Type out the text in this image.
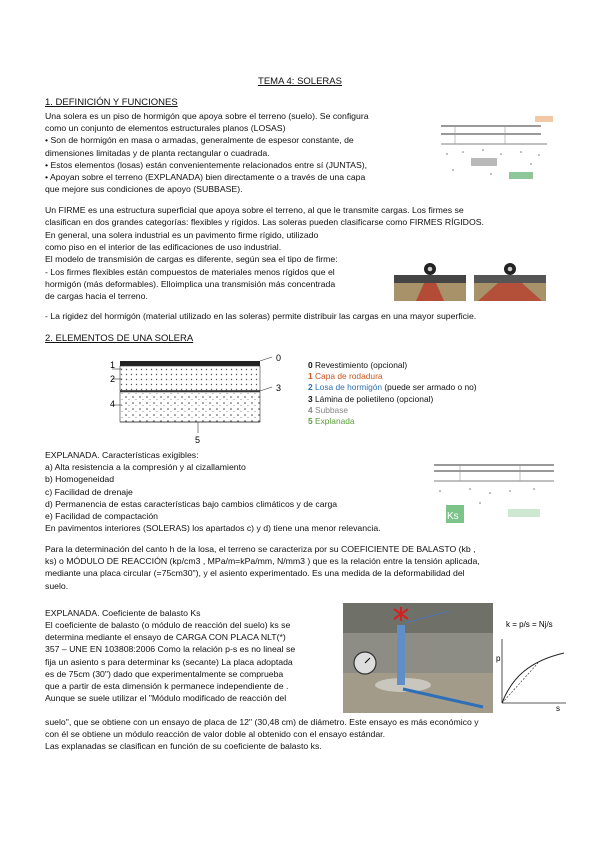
TEMA 4: SOLERAS
1. DEFINICIÓN Y FUNCIONES
Una solera es un piso de hormigón que apoya sobre el terreno (suelo). Se configura
como un conjunto de elementos estructurales planos (LOSAS)
• Son de hormigón en masa o armadas, generalmente de espesor constante, de
dimensiones limitadas y de planta rectangular o cuadrada.
• Estos elementos (losas) están convenientemente relacionados entre sí (JUNTAS),
• Apoyan sobre el terreno (EXPLANADA) bien directamente o a través de una capa
que mejore sus condiciones de apoyo (SUBBASE).
Un FIRME es una estructura superficial que apoya sobre el terreno, al que le transmite cargas. Los firmes se
clasifican en dos grandes categorías: flexibles y rígidos. Las soleras pueden clasificarse como FIRMES RÍGIDOS.
En general, una solera industrial es un pavimento firme rígido, utilizado
como piso en el interior de las edificaciones de uso industrial.
El modelo de transmisión de cargas es diferente, según sea el tipo de firme:
- Los firmes flexibles están compuestos de materiales menos rígidos que el
hormigón (más deformables). Elloimplica una transmisión más concentrada
de cargas hacia el terreno.
- La rigidez del hormigón (material utilizado en las soleras) permite distribuir las cargas en una mayor superficie.
2. ELEMENTOS DE UNA SOLERA
0
1
2
3
4
5
0 Revestimiento (opcional)
1 Capa de rodadura
2 Losa de hormigón (puede ser armado o no)
3 Lámina de polietileno (opcional)
4 Subbase
5 Explanada
EXPLANADA. Características exigibles:
a) Alta resistencia a la compresión y al cizallamiento
b) Homogeneidad
c) Facilidad de drenaje
d) Permanencia de estas características bajo cambios climáticos y de carga
e) Facilidad de compactación
En pavimentos interiores (SOLERAS) los apartados c) y d) tiene una menor relevancia.
Ks
Para la determinación del canto h de la losa, el terreno se caracteriza por su COEFICIENTE DE BALASTO (kb ,
ks) o MÓDULO DE REACCIÓN (kp/cm3 , MPa/m=kPa/mm, N/mm3 ) que es la relación entre la tensión aplicada,
mediante una placa circular (=75cm30"), y el asiento experimentado. Es una medida de la deformabilidad del
suelo.
EXPLANADA. Coeficiente de balasto Ks
El coeficiente de balasto (o módulo de reacción del suelo) ks se
determina mediante el ensayo de CARGA CON PLACA NLT(*)
357 – UNE EN 103808:2006 Como la relación p-s es no lineal se
fija un asiento s para determinar ks (secante) La placa adoptada
es de 75cm (30") dado que experimentalmente se comprueba
que a partir de esta dimensión k permanece independiente de .
Aunque se suele utilizar el "Módulo modificado de reacción del
k = p/s = Nj/s
p
s
suelo", que se obtiene con un ensayo de placa de 12" (30,48 cm) de diámetro. Este ensayo es más económico y
con él se obtiene un módulo reacción de valor doble al obtenido con el ensayo estándar.
Las explanadas se clasifican en función de su coeficiente de balasto ks.
